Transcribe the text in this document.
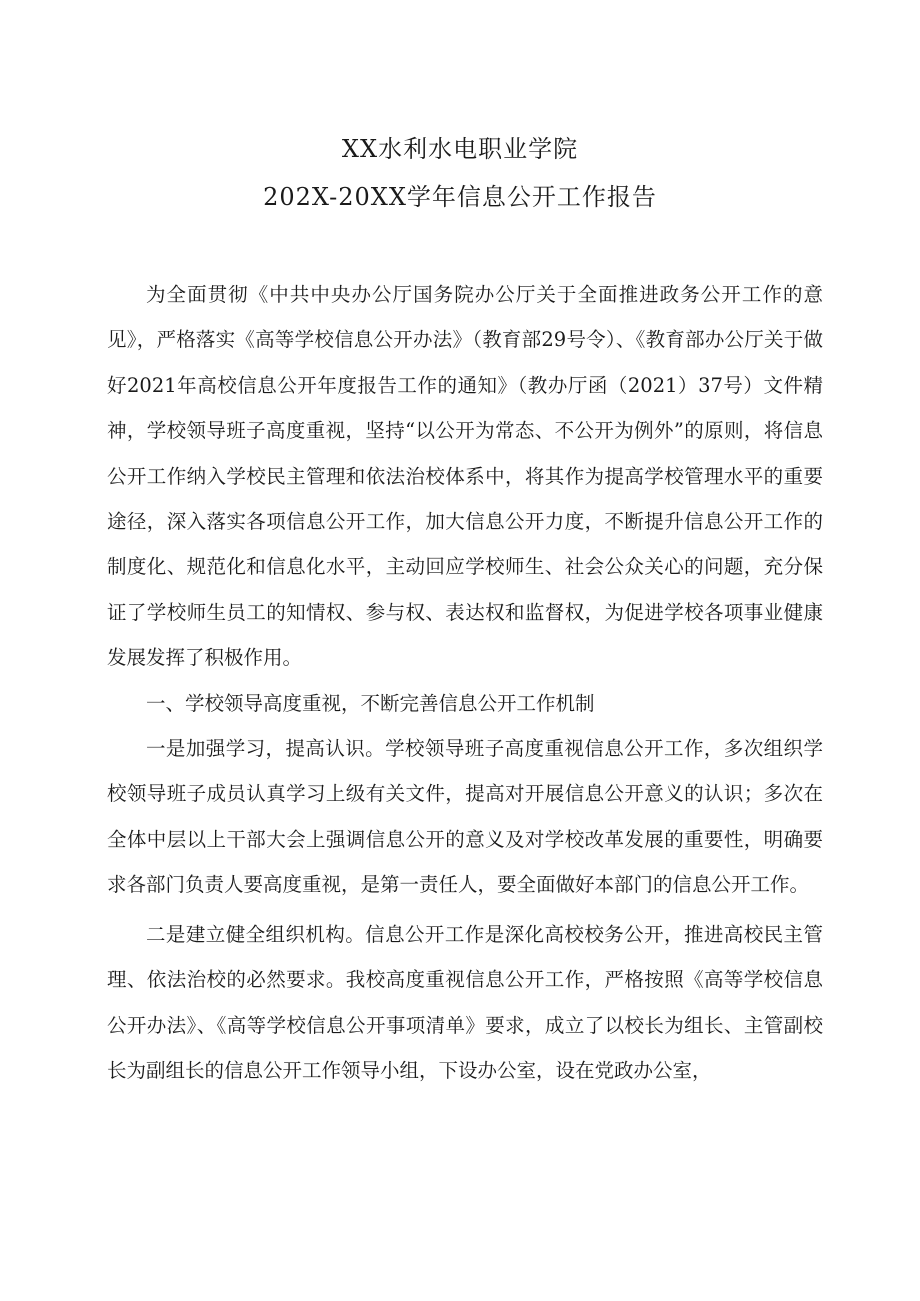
XX水利水电职业学院
202X-20XX学年信息公开工作报告

为全面贯彻《中共中央办公厅国务院办公厅关于全面推进政务公开工作的意见》，严格落实《高等学校信息公开办法》（教育部29号令）、《教育部办公厅关于做好2021年高校信息公开年度报告工作的通知》（教办厅函（2021）37号）文件精神，学校领导班子高度重视，坚持“以公开为常态、不公开为例外”的原则，将信息公开工作纳入学校民主管理和依法治校体系中，将其作为提高学校管理水平的重要途径，深入落实各项信息公开工作，加大信息公开力度，不断提升信息公开工作的制度化、规范化和信息化水平，主动回应学校师生、社会公众关心的问题，充分保证了学校师生员工的知情权、参与权、表达权和监督权，为促进学校各项事业健康发展发挥了积极作用。

一、学校领导高度重视，不断完善信息公开工作机制

一是加强学习，提高认识。学校领导班子高度重视信息公开工作，多次组织学校领导班子成员认真学习上级有关文件，提高对开展信息公开意义的认识；多次在全体中层以上干部大会上强调信息公开的意义及对学校改革发展的重要性，明确要求各部门负责人要高度重视，是第一责任人，要全面做好本部门的信息公开工作。

二是建立健全组织机构。信息公开工作是深化高校校务公开，推进高校民主管理、依法治校的必然要求。我校高度重视信息公开工作，严格按照《高等学校信息公开办法》、《高等学校信息公开事项清单》要求，成立了以校长为组长、主管副校长为副组长的信息公开工作领导小组，下设办公室，设在党政办公室，
